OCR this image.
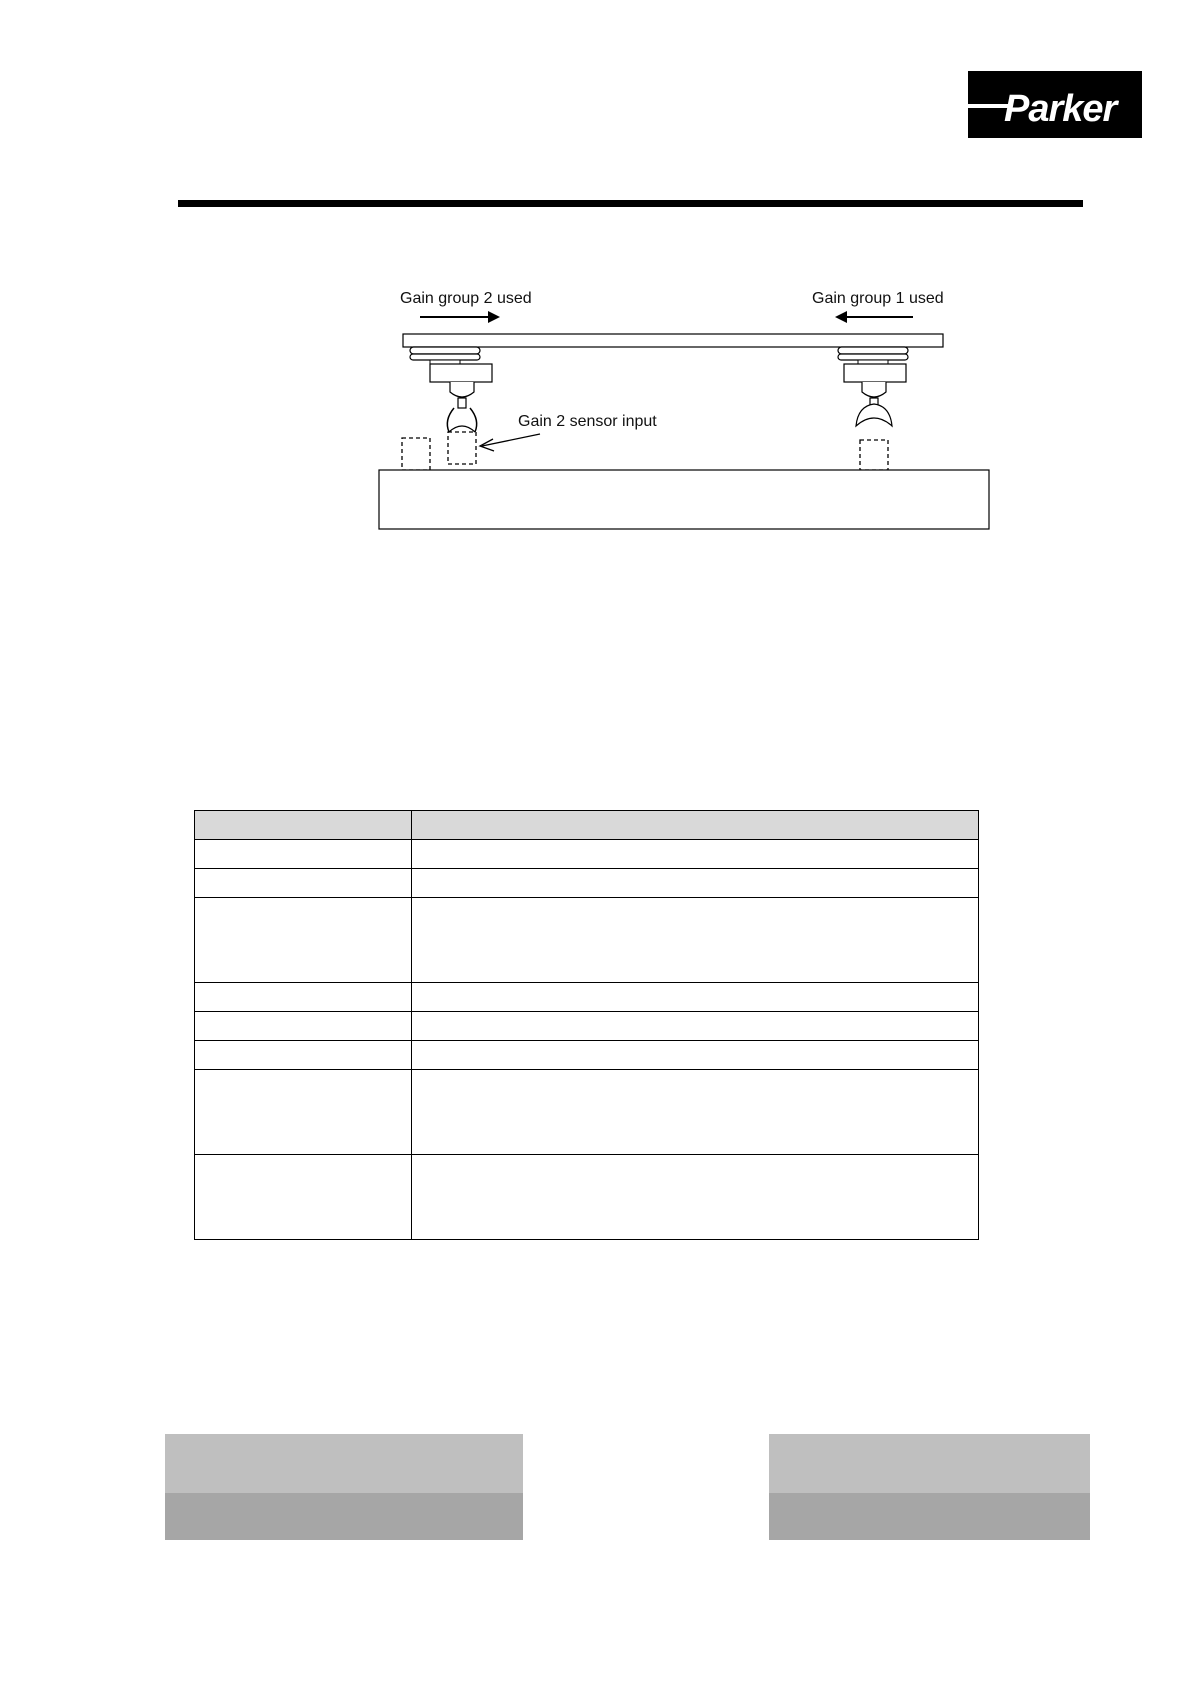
Parker
Gain group 2 used	Gain group 1 used
Gain 2 sensor input
